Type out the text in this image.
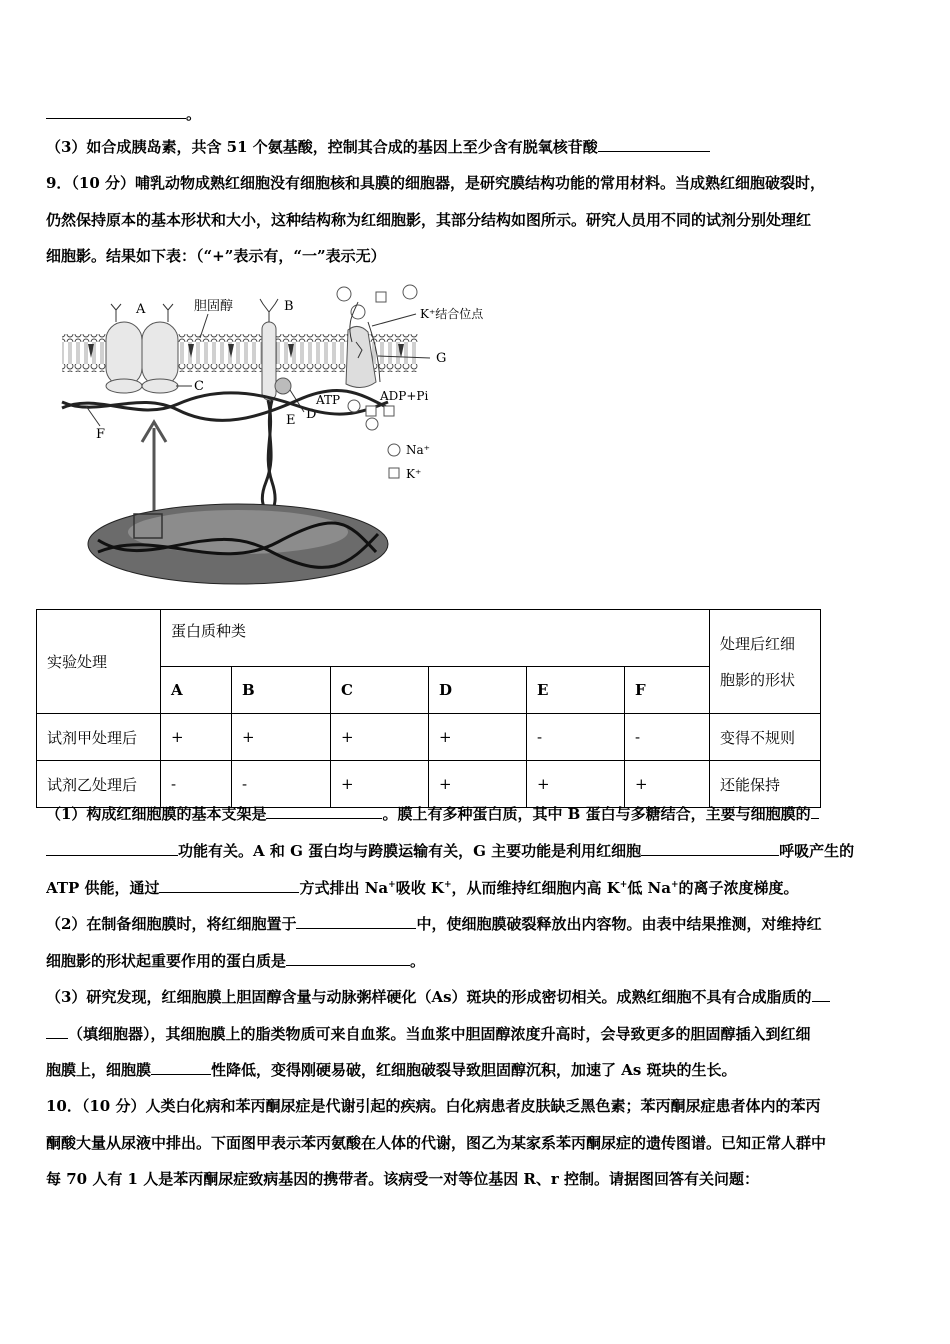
。
（3）如合成胰岛素，共含 51 个氨基酸，控制其合成的基因上至少含有脱氧核苷酸
9．（10 分）哺乳动物成熟红细胞没有细胞核和具膜的细胞器，是研究膜结构功能的常用材料。当成熟红细胞破裂时，
仍然保持原本的基本形状和大小，这种结构称为红细胞影，其部分结构如图所示。研究人员用不同的试剂分别处理红
细胞影。结果如下表：（“+”表示有，“一”表示无）
A
C
胆固醇	B
D
E
F
G
K⁺结合位点
ATP	ADP+Pi
Na⁺
K⁺
实验处理	蛋白质种类						处理后红细
胞影的形状
	A	B	C	D	E	F	
试剂甲处理后	+	+	+	+	-	-	变得不规则
试剂乙处理后	-	-	+	+	+	+	还能保持
（1）构成红细胞膜的基本支架是	。膜上有多种蛋白质，其中 B 蛋白与多糖结合，主要与细胞膜的
功能有关。A 和 G 蛋白均与跨膜运输有关，G 主要功能是利用红细胞	呼吸产生的
ATP 供能，通过	方式排出 Na+吸收 K+，从而维持红细胞内高 K+低 Na+的离子浓度梯度。
（2）在制备细胞膜时，将红细胞置于	中，使细胞膜破裂释放出内容物。由表中结果推测，对维持红
细胞影的形状起重要作用的蛋白质是	。
（3）研究发现，红细胞膜上胆固醇含量与动脉粥样硬化（As）斑块的形成密切相关。成熟红细胞不具有合成脂质的
（填细胞器），其细胞膜上的脂类物质可来自血浆。当血浆中胆固醇浓度升高时，会导致更多的胆固醇插入到红细
胞膜上，细胞膜	性降低，变得刚硬易破，红细胞破裂导致胆固醇沉积，加速了 As 斑块的生长。
10．（10 分）人类白化病和苯丙酮尿症是代谢引起的疾病。白化病患者皮肤缺乏黑色素；苯丙酮尿症患者体内的苯丙
酮酸大量从尿液中排出。下面图甲表示苯丙氨酸在人体的代谢，图乙为某家系苯丙酮尿症的遗传图谱。已知正常人群中
每 70 人有 1 人是苯丙酮尿症致病基因的携带者。该病受一对等位基因 R、r 控制。请据图回答有关问题：
